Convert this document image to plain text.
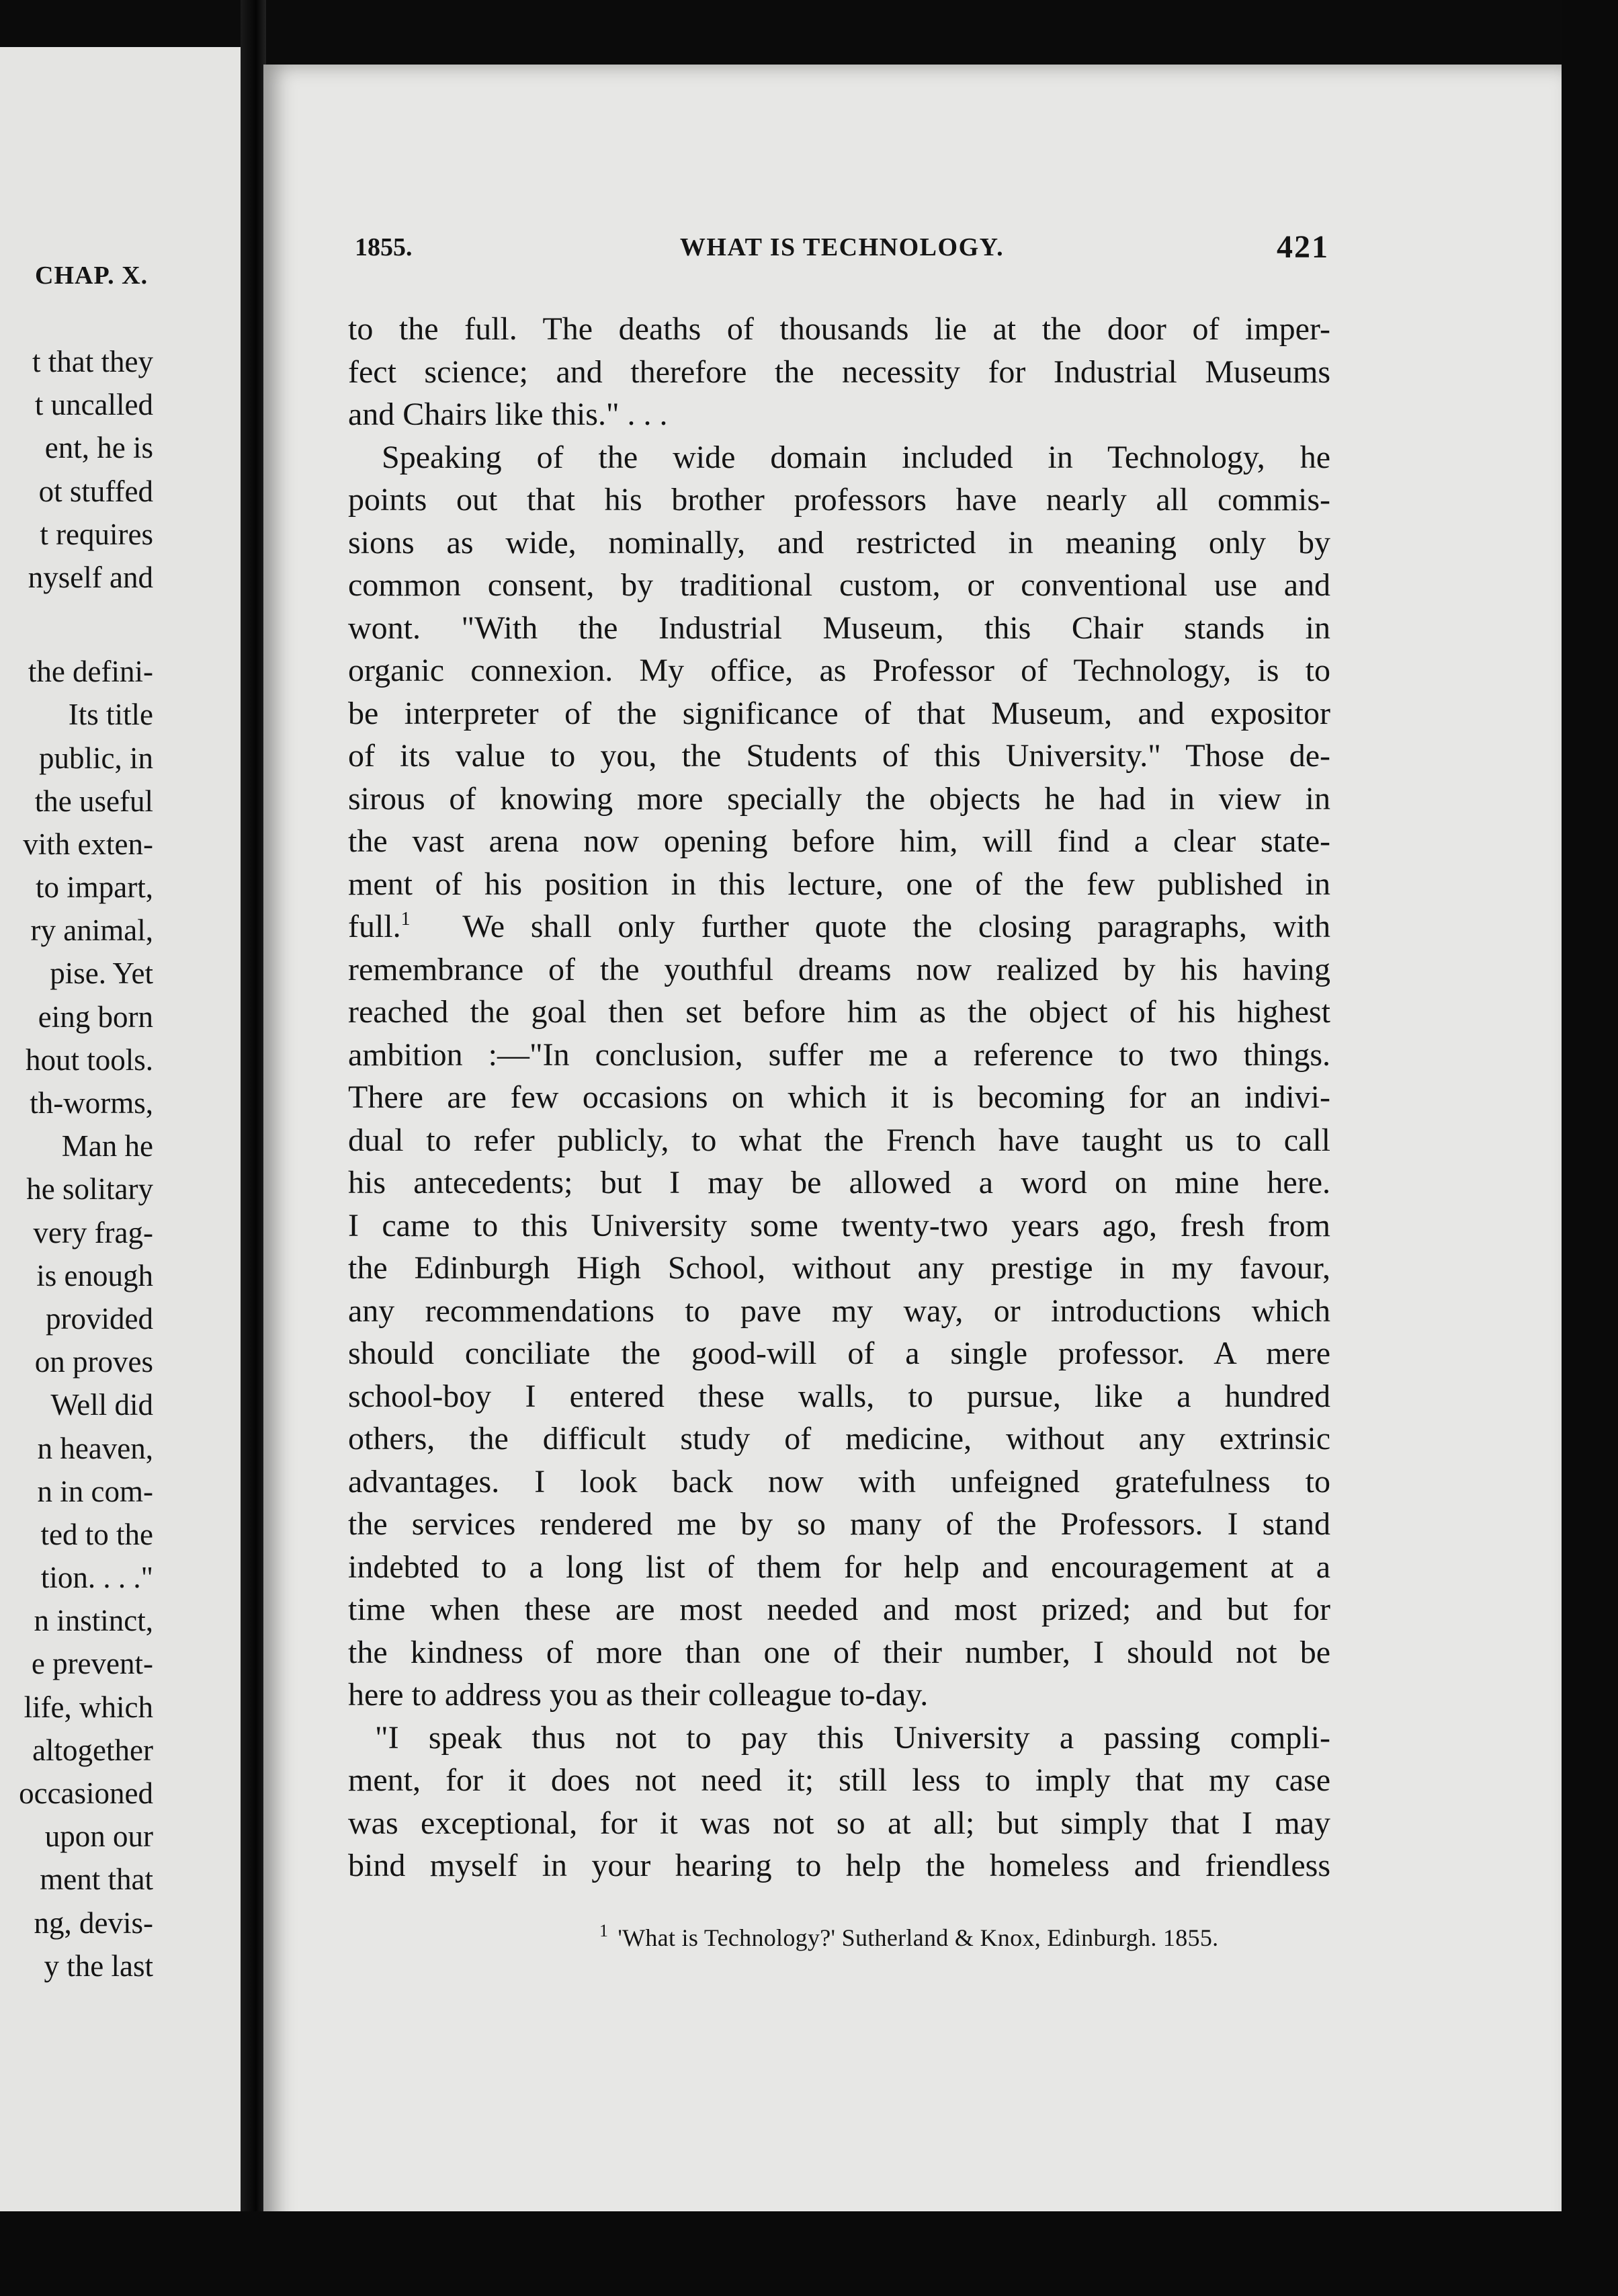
CHAP. X.
t that they
t uncalled
ent, he is
ot stuffed
t requires
nyself and
the defini-
Its title
public, in
the useful
vith exten-
to impart,
ry animal,
pise. Yet
eing born
hout tools.
th-worms,
Man he
he solitary
very frag-
is enough
provided
on proves
Well did
n heaven,
n in com-
ted to the
tion. . . ."
n instinct,
e prevent-
life, which
altogether
occasioned
upon our
ment that
ng, devis-
y the last
1855.	WHAT IS TECHNOLOGY.	421
to the full. The deaths of thousands lie at the door of imper-
fect science; and therefore the necessity for Industrial Museums
and Chairs like this." . . .
Speaking of the wide domain included in Technology, he
points out that his brother professors have nearly all commis-
sions as wide, nominally, and restricted in meaning only by
common consent, by traditional custom, or conventional use and
wont. "With the Industrial Museum, this Chair stands in
organic connexion. My office, as Professor of Technology, is to
be interpreter of the significance of that Museum, and expositor
of its value to you, the Students of this University." Those de-
sirous of knowing more specially the objects he had in view in
the vast arena now opening before him, will find a clear state-
ment of his position in this lecture, one of the few published in
full.$^1$ We shall only further quote the closing paragraphs, with
remembrance of the youthful dreams now realized by his having
reached the goal then set before him as the object of his highest
ambition :—"In conclusion, suffer me a reference to two things.
There are few occasions on which it is becoming for an indivi-
dual to refer publicly, to what the French have taught us to call
his antecedents; but I may be allowed a word on mine here.
I came to this University some twenty-two years ago, fresh from
the Edinburgh High School, without any prestige in my favour,
any recommendations to pave my way, or introductions which
should conciliate the good-will of a single professor. A mere
school-boy I entered these walls, to pursue, like a hundred
others, the difficult study of medicine, without any extrinsic
advantages. I look back now with unfeigned gratefulness to
the services rendered me by so many of the Professors. I stand
indebted to a long list of them for help and encouragement at a
time when these are most needed and most prized; and but for
the kindness of more than one of their number, I should not be
here to address you as their colleague to-day.
"I speak thus not to pay this University a passing compli-
ment, for it does not need it; still less to imply that my case
was exceptional, for it was not so at all; but simply that I may
bind myself in your hearing to help the homeless and friendless
$^1$ 'What is Technology?' Sutherland & Knox, Edinburgh. 1855.
